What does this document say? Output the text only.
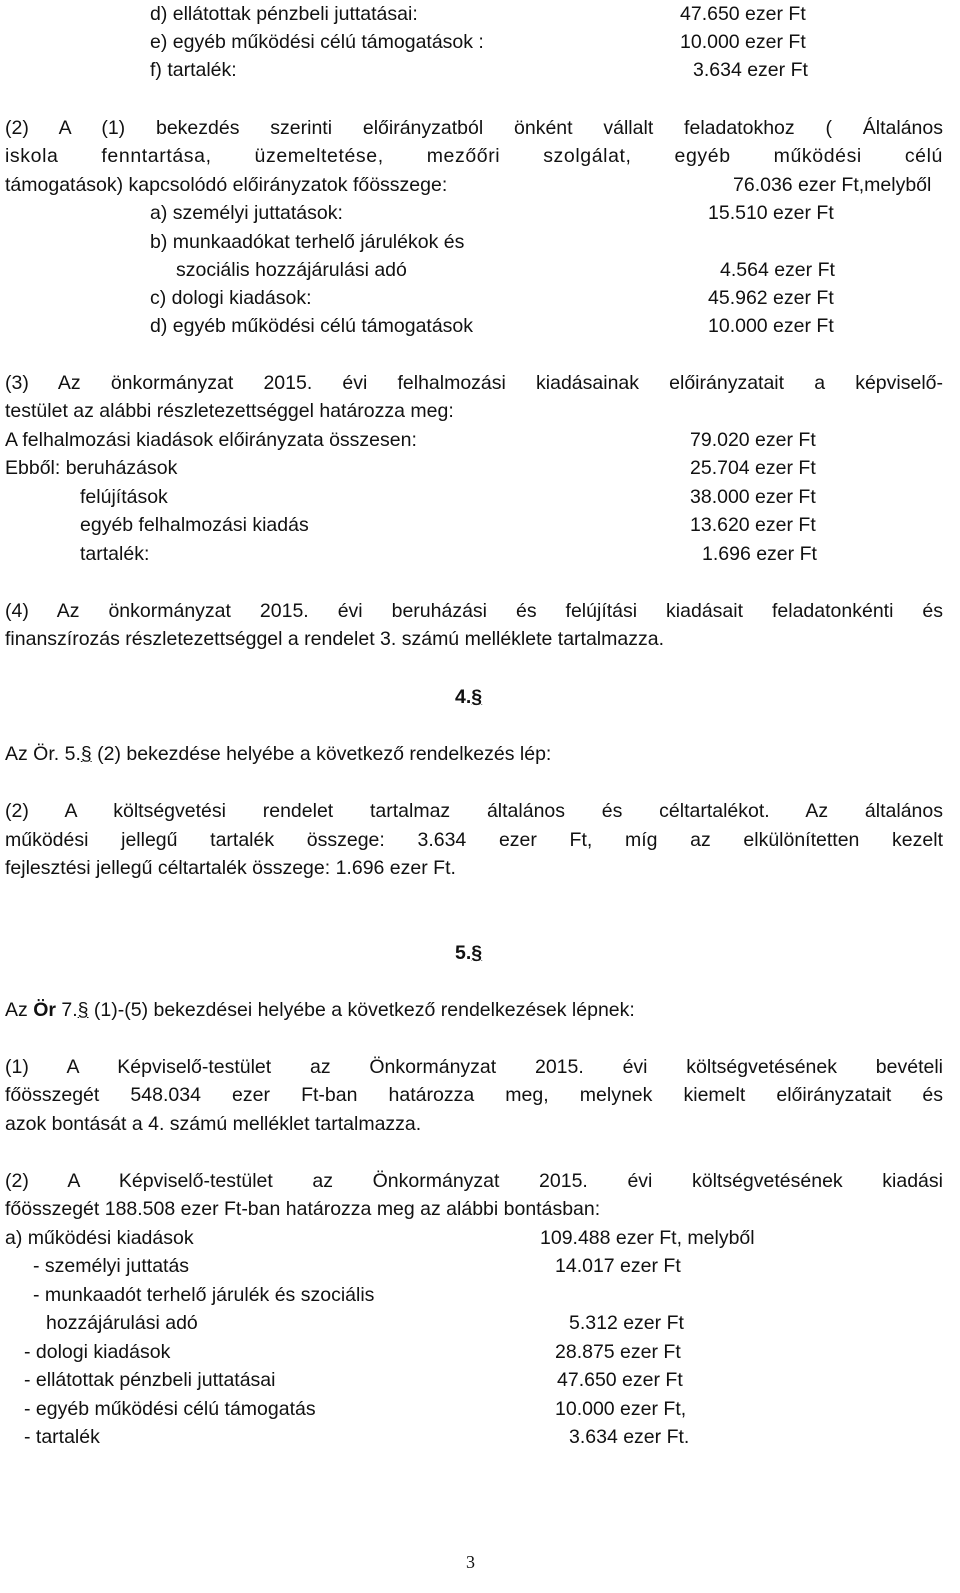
d) ellátottak pénzbeli juttatásai:	47.650 ezer Ft
e) egyéb működési célú támogatások :	10.000 ezer Ft
f) tartalék:	3.634 ezer Ft
(2) A (1) bekezdés szerinti előirányzatból önként vállalt feladatokhoz ( Általános
iskola fenntartása, üzemeltetése, mezőőri szolgálat, egyéb működési célú
támogatások) kapcsolódó előirányzatok főösszege:	76.036 ezer Ft,melyből
a) személyi juttatások:	15.510 ezer Ft
b) munkaadókat terhelő járulékok és
szociális hozzájárulási adó	4.564 ezer Ft
c) dologi kiadások:	45.962 ezer Ft
d) egyéb működési célú támogatások	10.000 ezer Ft
(3) Az önkormányzat 2015. évi felhalmozási kiadásainak előirányzatait a képviselő-
testület az alábbi részletezettséggel határozza meg:
A felhalmozási kiadások előirányzata összesen:	79.020 ezer Ft
Ebből: beruházások	25.704 ezer Ft
felújítások	38.000 ezer Ft
egyéb felhalmozási kiadás	13.620 ezer Ft
tartalék:	1.696 ezer Ft
(4) Az önkormányzat 2015. évi beruházási és felújítási kiadásait feladatonkénti és
finanszírozás részletezettséggel a rendelet 3. számú melléklete tartalmazza.
4.§
Az Ör. 5.§ (2) bekezdése helyébe a következő rendelkezés lép:
(2) A költségvetési rendelet tartalmaz általános és céltartalékot. Az általános
működési jellegű tartalék összege: 3.634 ezer Ft, míg az elkülönítetten kezelt
fejlesztési jellegű céltartalék összege: 1.696 ezer Ft.
5.§
Az Ör 7.§ (1)-(5) bekezdései helyébe a következő rendelkezések lépnek:
(1) A Képviselő-testület az Önkormányzat 2015. évi költségvetésének bevételi
főösszegét 548.034 ezer Ft-ban határozza meg, melynek kiemelt előirányzatait és
azok bontását a 4. számú melléklet tartalmazza.
(2) A Képviselő-testület az Önkormányzat 2015. évi költségvetésének kiadási
főösszegét 188.508 ezer Ft-ban határozza meg az alábbi bontásban:
a) működési kiadások	109.488 ezer Ft, melyből
- személyi juttatás	14.017 ezer Ft
- munkaadót terhelő járulék és szociális
hozzájárulási adó	5.312 ezer Ft
- dologi kiadások	28.875 ezer Ft
- ellátottak pénzbeli juttatásai	47.650 ezer Ft
- egyéb működési célú támogatás	10.000 ezer Ft,
- tartalék	3.634 ezer Ft.
3
